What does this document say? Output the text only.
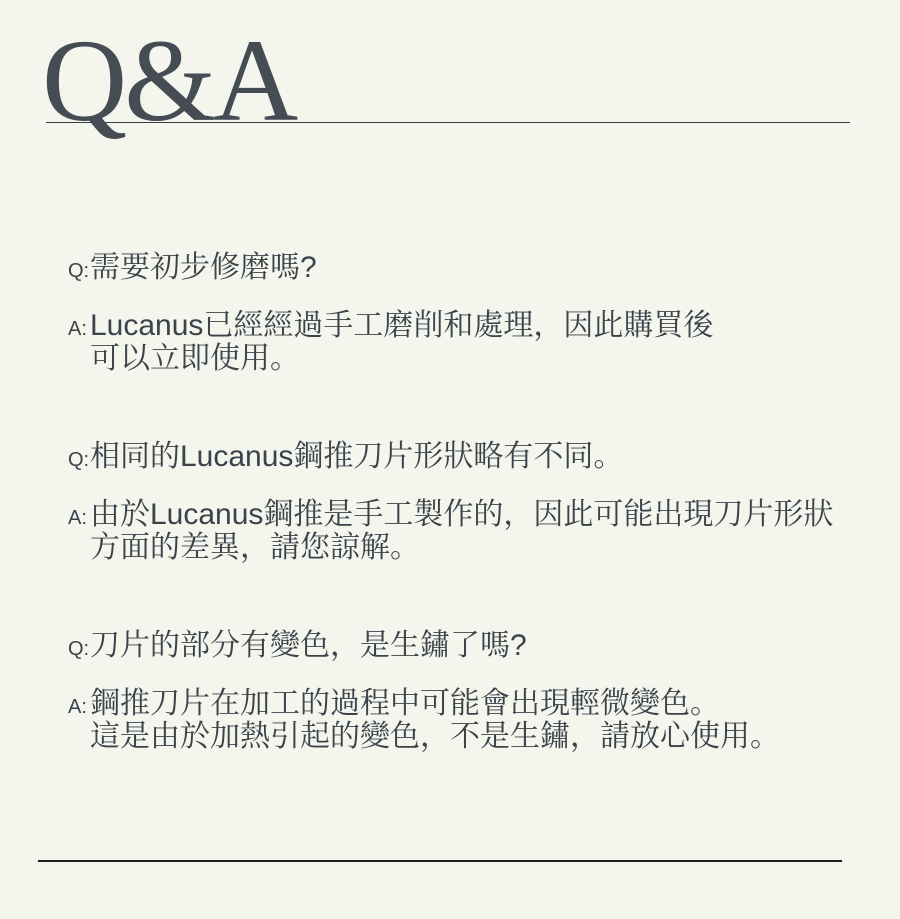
Q&A

Q: 需要初步修磨嗎?

A: Lucanus已經經過手工磨削和處理，因此購買後
可以立即使用。

Q: 相同的Lucanus鋼推刀片形狀略有不同。

A: 由於Lucanus鋼推是手工製作的，因此可能出現刀片形狀
方面的差異，請您諒解。

Q: 刀片的部分有變色，是生鏽了嗎?

A: 鋼推刀片在加工的過程中可能會出現輕微變色。
這是由於加熱引起的變色，不是生鏽，請放心使用。
